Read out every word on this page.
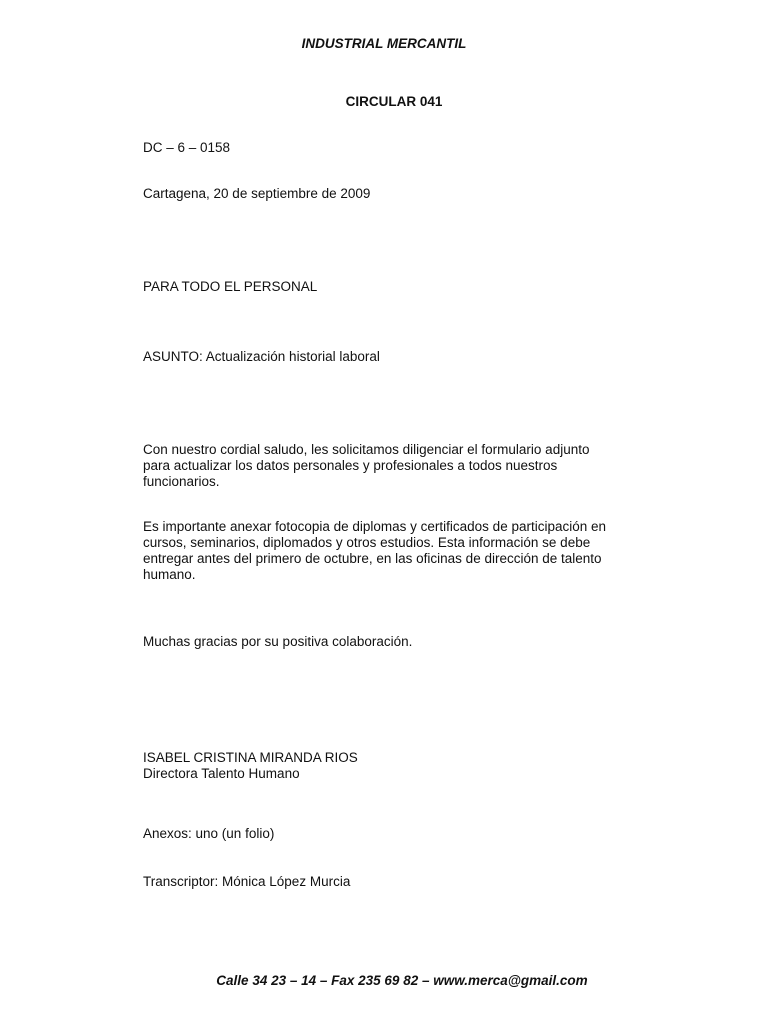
INDUSTRIAL MERCANTIL

CIRCULAR 041

DC – 6 – 0158

Cartagena, 20 de septiembre de 2009

PARA TODO EL PERSONAL

ASUNTO: Actualización historial laboral

Con nuestro cordial saludo, les solicitamos diligenciar el formulario adjunto
para actualizar los datos personales y profesionales a todos nuestros
funcionarios.
Es importante anexar fotocopia de diplomas y certificados de participación en
cursos, seminarios, diplomados y otros estudios. Esta información se debe
entregar antes del primero de octubre, en las oficinas de dirección de talento
humano.

Muchas gracias por su positiva colaboración.

ISABEL CRISTINA MIRANDA RIOS

Directora Talento Humano

Anexos: uno (un folio)

Transcriptor: Mónica López Murcia

Calle 34 23 – 14 – Fax 235 69 82 – www.merca@gmail.com
